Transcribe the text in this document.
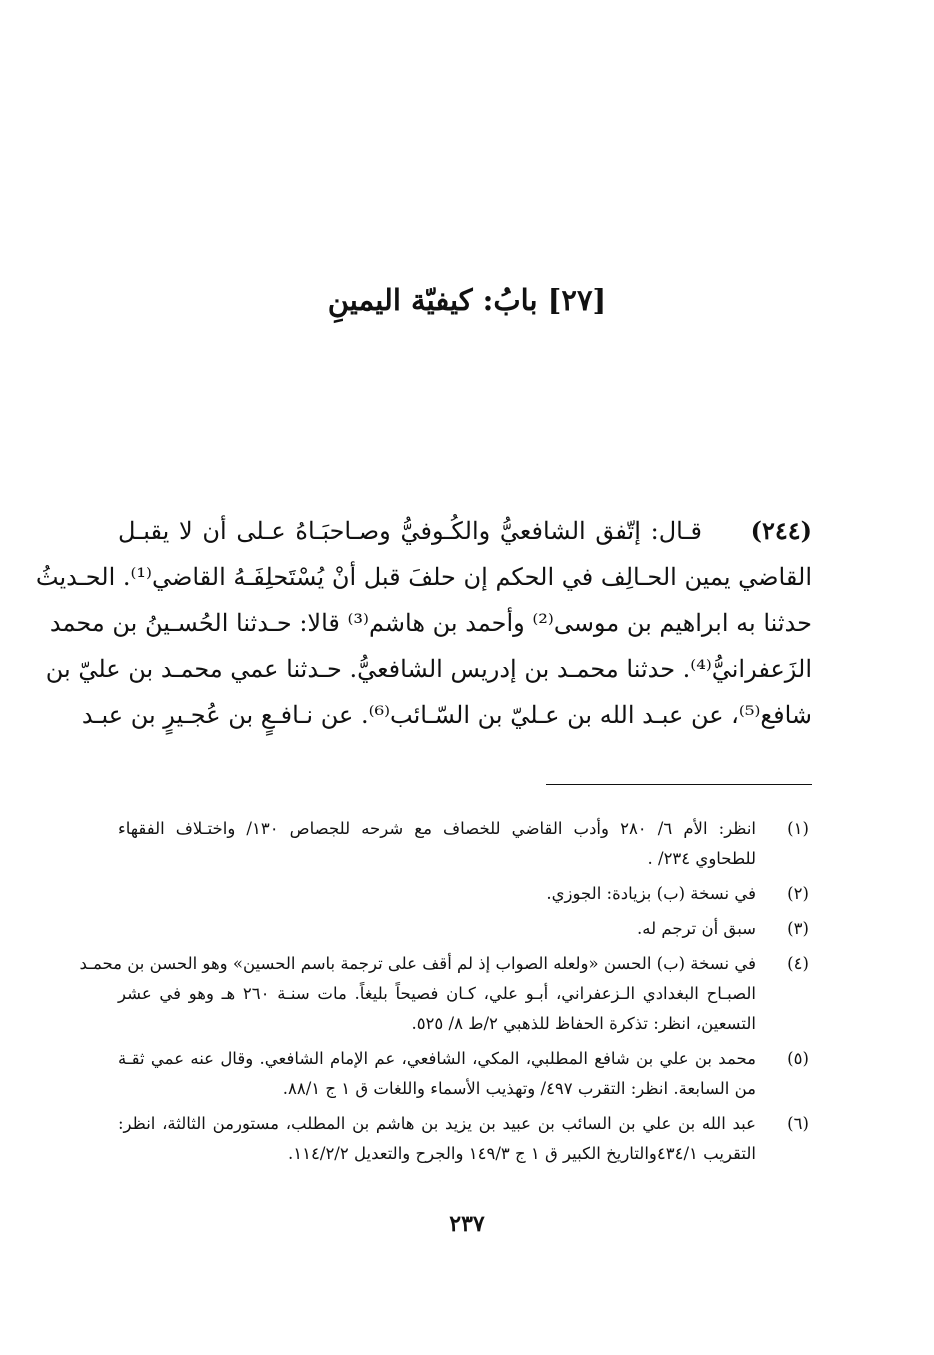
[٢٧] بابُ: كيفيّة اليمينِ
(٢٤٤)     قـال: إتّفق الشافعيُّ والكُـوفيُّ وصـاحبَـاهُ عـلى أن لا يقبـل
القاضي يمين الحـالِف في الحكم إن حلفَ قبل أنْ يُسْتَحلِفَـهُ القاضي⁽¹⁾. الحـديثُ
حدثنا به ابراهيم بن موسى⁽²⁾ وأحمد بن هاشم⁽³⁾ قالا: حـدثنا الحُسـينُ بن محمد
الزَعفرانيُّ⁽⁴⁾. حدثنا محمـد بن إدريس الشافعيُّ. حـدثنا عمي محمـد بن عليّ بن
شافع⁽⁵⁾، عن عبـد الله بن عـليّ بن السّـائب⁽⁶⁾. عن نـافـعٍ بن عُجـيرٍ بن عبـد
(١)
انظر: الأم ٦/ ٢٨٠ وأدب القاضي للخصاف مع شرحه للجصاص ١٣٠/ واختـلاف الفقهاء
للطحاوي ٢٣٤/ .
(٢)
في نسخة (ب) بزيادة: الجوزي.
(٣)
سبق أن ترجم له.
(٤)
في نسخة (ب) الحسن «ولعله الصواب إذ لم أقف على ترجمة باسم الحسين» وهو الحسن بن محمـد
الصبـاح البغدادي الـزعفراني، أبـو علي، كـان فصيحاً بليغاً. مات سنـة ٢٦٠ هـ وهو في عشر
التسعين، انظر: تذكرة الحفاظ للذهبي ٢/ط ٨/ ٥٢٥.
(٥)
محمد بن علي بن شافع المطلبي، المكي، الشافعي، عم الإمام الشافعي. وقال عنه عمي ثقـة
من السابعة. انظر: التقرب ٤٩٧/ وتهذيب الأسماء واللغات ق ١ ج ٨٨/١.
(٦)
عبد الله بن علي بن السائب بن عبيد بن يزيد بن هاشم بن المطلب، مستورمن الثالثة، انظر:
التقريب ٤٣٤/١والتاريخ الكبير ق ١ ج ١٤٩/٣ والجرح والتعديل ١١٤/٢/٢.
٢٣٧
